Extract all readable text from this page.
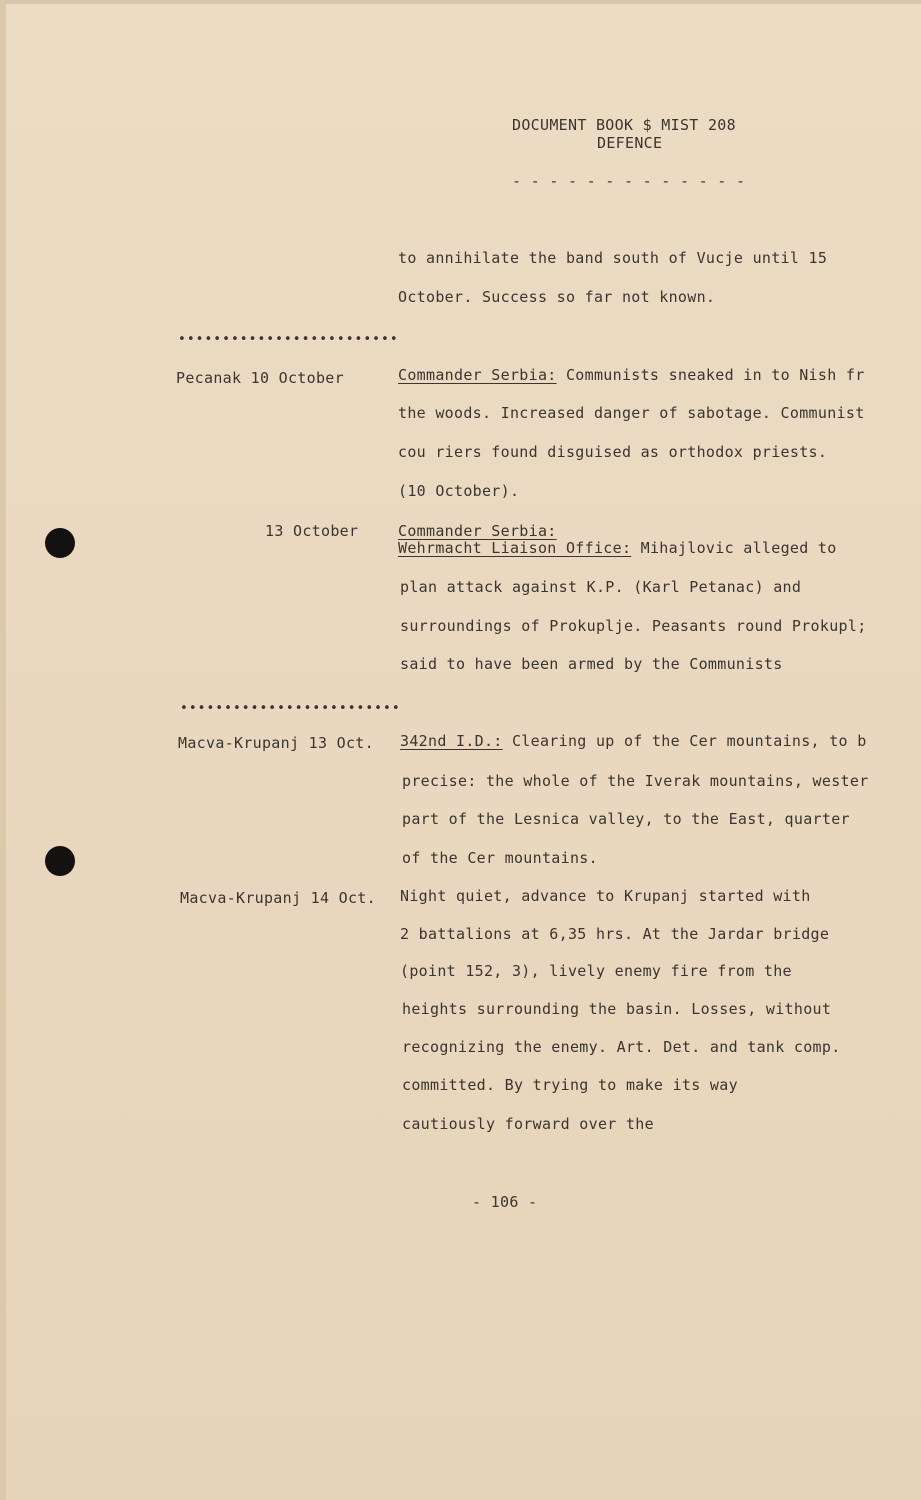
DOCUMENT BOOK $ MIST 208
DEFENCE
- - - - - - - - - - - - -
to annihilate the band south of Vucje until 15
October. Success so far not known.
•••••••••••••••••••••••••
Pecanak 10 October	Commander Serbia: Communists sneaked in to Nish fr
the woods. Increased danger of sabotage. Communist
cou riers found disguised as orthodox priests.
(10 October).
13 October	Commander Serbia:
Wehrmacht Liaison Office: Mihajlovic alleged to
plan attack against K.P. (Karl Petanac) and
surroundings of Prokuplje. Peasants round Prokupl;
said to have been armed by the Communists
•••••••••••••••••••••••••
Macva-Krupanj 13 Oct. 342nd I.D.: Clearing up of the Cer mountains, to b
precise: the whole of the Iverak mountains, wester
part of the Lesnica valley, to the East, quarter
of the Cer mountains.
Macva-Krupanj 14 Oct. Night quiet, advance to Krupanj started with
2 battalions at 6,35 hrs. At the Jardar bridge
(point 152, 3), lively enemy fire from the
heights surrounding the basin. Losses, without
recognizing the enemy. Art. Det. and tank comp.
committed. By trying to make its way
cautiously forward over the
- 106 -
